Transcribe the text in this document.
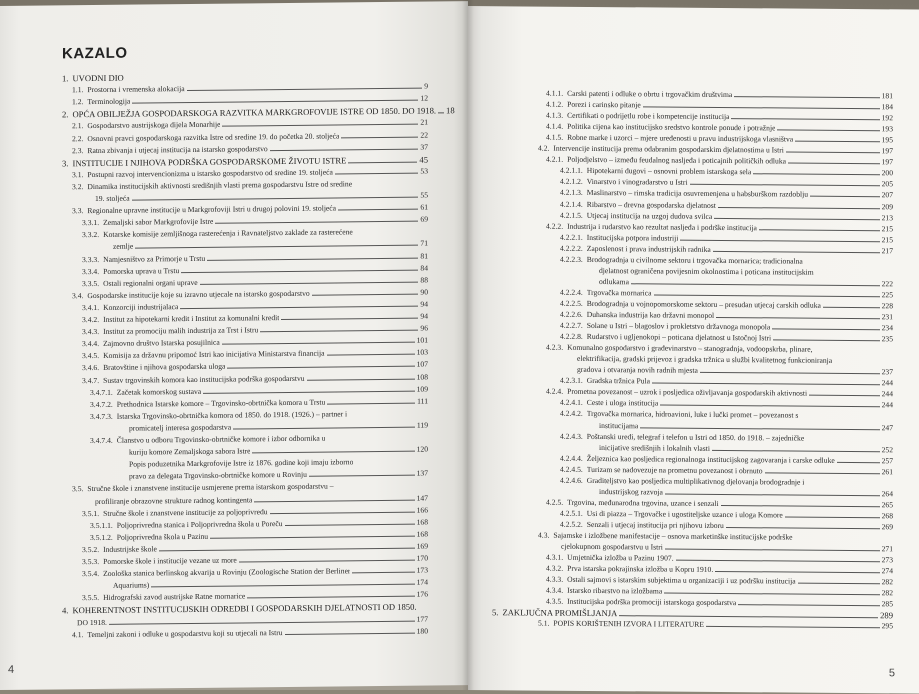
KAZALO
1. UVODNI DIO
1.1. Prostorna i vremenska alokacija	9
1.2. Terminologija	12
2. OPĆA OBILJEŽJA GOSPODARSKOGA RAZVITKA MARKGROFOVIJE ISTRE OD 1850. DO 1918. 18
2.1. Gospodarstvo austrijskoga dijela Monarhije	21
2.2. Osnovni pravci gospodarskoga razvitka Istre od sredine 19. do početka 20. stoljeća	22
2.3. Ratna zbivanja i utjecaj institucija na istarsko gospodarstvo	37
3. INSTITUCIJE I NJIHOVA PODRŠKA GOSPODARSKOME ŽIVOTU ISTRE	45
3.1. Postupni razvoj intervencionizma u istarsko gospodarstvo od sredine 19. stoljeća	53
3.2. Dinamika institucijskih aktivnosti središnjih vlasti prema gospodarstvu Istre od sredine
19. stoljeća	55
3.3. Regionalne upravne institucije u Markgrofoviji Istri u drugoj polovini 19. stoljeća	61
3.3.1. Zemaljski sabor Markgrofovije Istre	69
3.3.2. Kotarske komisije zemljišnoga rasterećenja i Ravnateljstvo zaklade za rasterećene
zemlje	71
3.3.3. Namjesništvo za Primorje u Trstu	81
3.3.4. Pomorska uprava u Trstu	84
3.3.5. Ostali regionalni organi uprave	88
3.4. Gospodarske institucije koje su izravno utjecale na istarsko gospodarstvo	90
3.4.1. Konzorciji industrijalaca	94
3.4.2. Institut za hipotekarni kredit i Institut za komunalni kredit	94
3.4.3. Institut za promociju malih industrija za Trst i Istru	96
3.4.4. Zajmovno društvo Istarska posujilnica	101
3.4.5. Komisija za državnu pripomoć Istri kao inicijativa Ministarstva financija	103
3.4.6. Bratovštine i njihova gospodarska uloga	107
3.4.7. Sustav trgovinskih komora kao institucijska podrška gospodarstvu	108
3.4.7.1. Začetak komorskog sustava	109
3.4.7.2. Prethodnica Istarske komore – Trgovinsko-obrtnička komora u Trstu	111
3.4.7.3. Istarska Trgovinsko-obrtnička komora od 1850. do 1918. (1926.) – partner i
promicatelj interesa gospodarstva	119
3.4.7.4. Članstvo u odboru Trgovinsko-obrtničke komore i izbor odbornika u
kuriju komore Zemaljskoga sabora Istre	120
Popis poduzetnika Markgrofovije Istre iz 1876. godine koji imaju izborno
pravo za delegata Trgovinsko-obrtničke komore u Rovinju	137
3.5. Stručne škole i znanstvene institucije usmjerene prema istarskom gospodarstvu –
profiliranje obrazovne strukture radnog kontingenta	147
3.5.1. Stručne škole i znanstvene institucije za poljoprivredu	166
3.5.1.1. Poljoprivredna stanica i Poljoprivredna škola u Poreču	168
3.5.1.2. Poljoprivredna škola u Pazinu	168
3.5.2. Industrijske škole	169
3.5.3. Pomorske škole i institucije vezane uz more	170
3.5.4. Zoološka stanica berlinskog akvarija u Rovinju (Zoologische Station der Berliner	173
Aquariums)	174
3.5.5. Hidrografski zavod austrijske Ratne mornarice	176
4. KOHERENTNOST INSTITUCIJSKIH ODREDBI I GOSPODARSKIH DJELATNOSTI OD 1850.
DO 1918.	177
4.1. Temeljni zakoni i odluke u gospodarstvu koji su utjecali na Istru	180
4
4.1.1. Carski patenti i odluke o obrtu i trgovačkim društvima	181
4.1.2. Porezi i carinsko pitanje	184
4.1.3. Certifikati o podrijetlu robe i kompetencije institucija	192
4.1.4. Politika cijena kao institucijsko sredstvo kontrole ponude i potražnje	193
4.1.5. Robne marke i uzorci – mjere uređenosti u pravu industrijskoga vlasništva	195
4.2. Intervencije institucija prema odabranim gospodarskim djelatnostima u Istri	197
4.2.1. Poljodjelstvo – između feudalnog nasljeđa i poticajnih političkih odluka	197
4.2.1.1. Hipotekarni dugovi – osnovni problem istarskoga sela	200
4.2.1.2. Vinarstvo i vinogradarstvo u Istri	205
4.2.1.3. Maslinarstvo – rimska tradicija osuvremenjena u habsburškom razdoblju	207
4.2.1.4. Ribarstvo – drevna gospodarska djelatnost	209
4.2.1.5. Utjecaj institucija na uzgoj dudova svilca	213
4.2.2. Industrija i rudarstvo kao rezultat nasljeđa i podrške institucija	215
4.2.2.1. Institucijska potpora industriji	215
4.2.2.2. Zaposlenost i prava industrijskih radnika	217
4.2.2.3. Brodogradnja u civilnome sektoru i trgovačka mornarica; tradicionalna
djelatnost ograničena povijesnim okolnostima i poticana institucijskim
odlukama	222
4.2.2.4. Trgovačka mornarica	225
4.2.2.5. Brodogradnja u vojnopomorskome sektoru – presudan utjecaj carskih odluka	228
4.2.2.6. Duhanska industrija kao državni monopol	231
4.2.2.7. Solane u Istri – blagoslov i prokletstvo državnoga monopola	234
4.2.2.8. Rudarstvo i ugljenokopi – poticana djelatnost u Istočnoj Istri	235
4.2.3. Komunalno gospodarstvo i građevinarstvo – stanogradnja, vodoopskrba, plinare,
elektrifikacija, gradski prijevoz i gradska tržnica u službi kvalitetnog funkcioniranja
gradova i otvaranja novih radnih mjesta	237
4.2.3.1. Gradska tržnica Pula	244
4.2.4. Prometna povezanost – uzrok i posljedica oživljavanja gospodarskih aktivnosti	244
4.2.4.1. Ceste i uloga institucija	244
4.2.4.2. Trgovačka mornarica, hidroavioni, luke i lučki promet – povezanost s
institucijama	247
4.2.4.3. Poštanski uredi, telegraf i telefon u Istri od 1850. do 1918. – zajedničke
inicijative središnjih i lokalnih vlasti	252
4.2.4.4. Željeznica kao posljedica regionalnoga institucijskog zagovaranja i carske odluke	257
4.2.4.5. Turizam se nadovezuje na prometnu povezanost i obrnuto	261
4.2.4.6. Graditeljstvo kao posljedica multiplikativnog djelovanja brodogradnje i
industrijskog razvoja	264
4.2.5. Trgovina, međunarodna trgovina, uzance i senzali	265
4.2.5.1. Usi di piazza – Trgovačke i ugostiteljske uzance i uloga Komore	268
4.2.5.2. Senzali i utjecaj institucija pri njihovu izboru	269
4.3. Sajamske i izložbene manifestacije – osnova marketinške institucijske podrške
cjelokupnom gospodarstvu u Istri	271
4.3.1. Umjetnička izložba u Pazinu 1907.	273
4.3.2. Prva istarska pokrajinska izložba u Kopru 1910.	274
4.3.3. Ostali sajmovi s istarskim subjektima u organizaciji i uz podršku institucija	282
4.3.4. Istarsko ribarstvo na izložbama	282
4.3.5. Institucijska podrška promociji istarskoga gospodarstva	285
5. ZAKLJUČNA PROMIŠLJANJA	289
5.1. POPIS KORIŠTENIH IZVORA I LITERATURE	295
5
